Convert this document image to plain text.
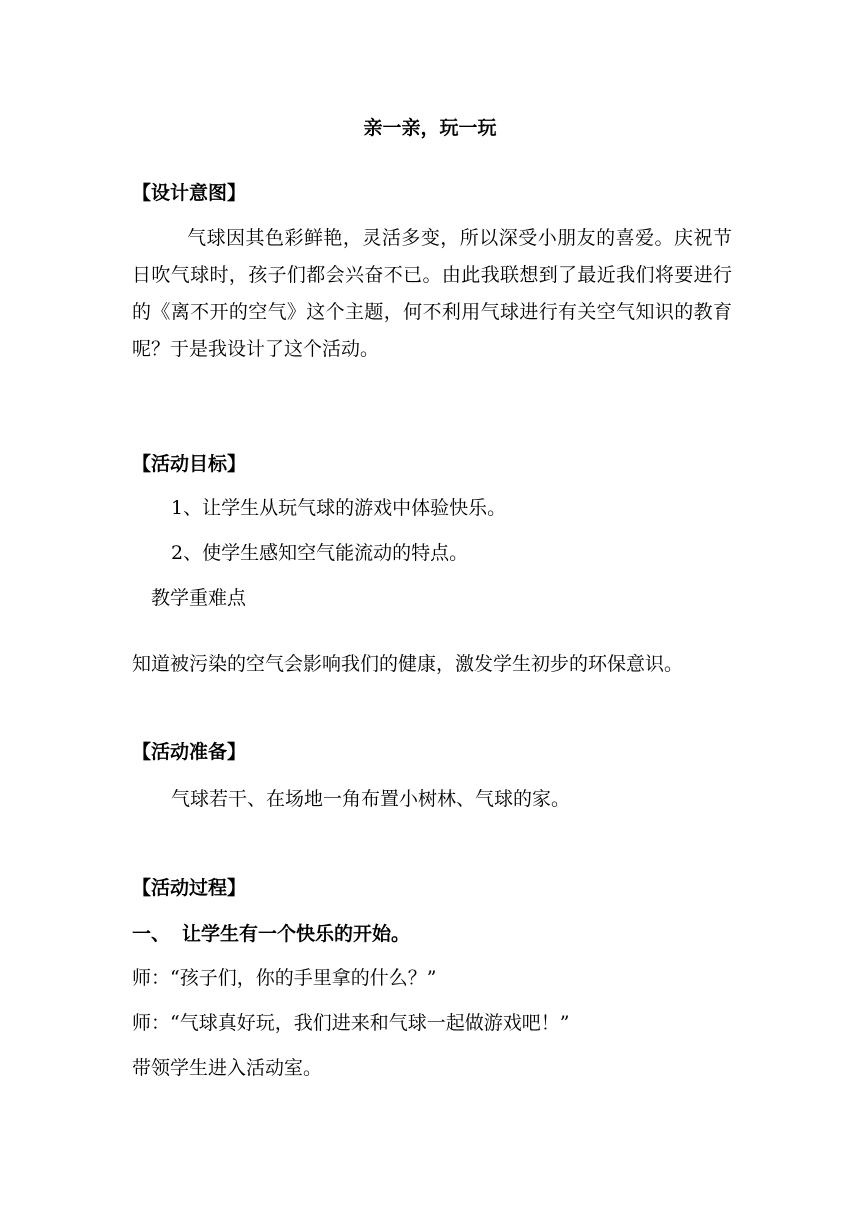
亲一亲，玩一玩
【设计意图】
气球因其色彩鲜艳，灵活多变，所以深受小朋友的喜爱。庆祝节日吹气球时，孩子们都会兴奋不已。由此我联想到了最近我们将要进行的《离不开的空气》这个主题，何不利用气球进行有关空气知识的教育呢？于是我设计了这个活动。
【活动目标】
1、让学生从玩气球的游戏中体验快乐。
2、使学生感知空气能流动的特点。
教学重难点
知道被污染的空气会影响我们的健康，激发学生初步的环保意识。
【活动准备】
气球若干、在场地一角布置小树林、气球的家。
【活动过程】
一、 让学生有一个快乐的开始。
师：“孩子们，你的手里拿的什么？”
师：“气球真好玩，我们进来和气球一起做游戏吧！”
带领学生进入活动室。
